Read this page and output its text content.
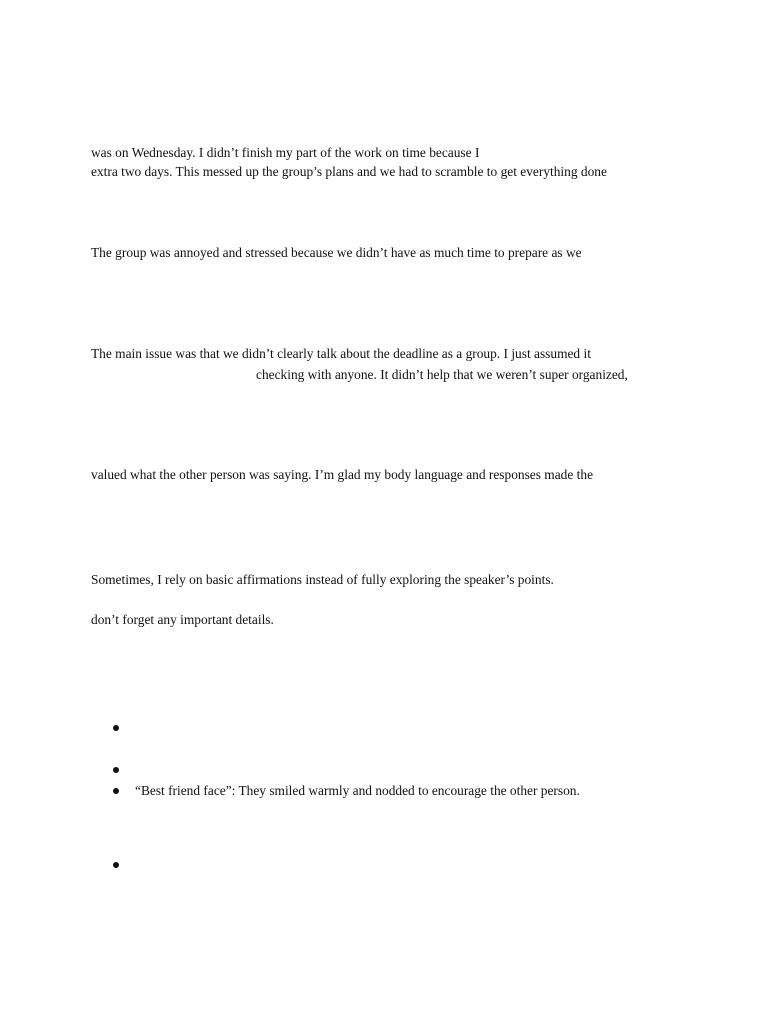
was on Wednesday. I didn’t finish my part of the work on time because I
extra two days. This messed up the group’s plans and we had to scramble to get everything done
The group was annoyed and stressed because we didn’t have as much time to prepare as we
The main issue was that we didn’t clearly talk about the deadline as a group. I just assumed it
checking with anyone. It didn’t help that we weren’t super organized,
valued what the other person was saying. I’m glad my body language and responses made the
Sometimes, I rely on basic affirmations instead of fully exploring the speaker’s points.
don’t forget any important details.
“Best friend face”: They smiled warmly and nodded to encourage the other person.
